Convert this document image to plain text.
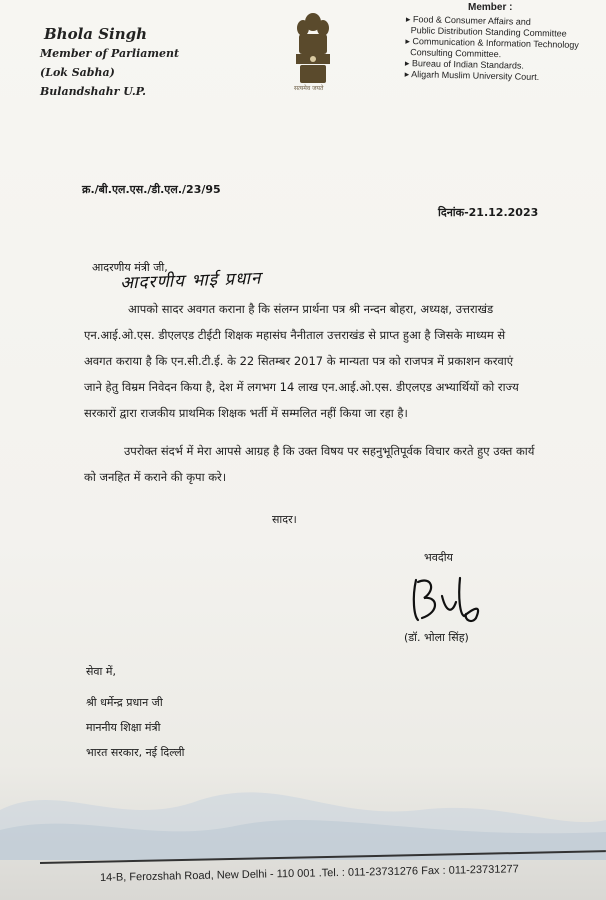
Bhola Singh
Member of Parliament
(Lok Sabha)
Bulandshahr U.P.	सत्यमेव जयते
Member :
▸ Food & Consumer Affairs and
Public Distribution Standing Committee
▸ Communication & Information Technology
Consulting Committee.
▸ Bureau of Indian Standards.
▸ Aligarh Muslim University Court.
क्र./बी.एल.एस./डी.एल./23/95
दिनांक-21.12.2023
आदरणीय मंत्री जी,
आदरणीय भाई प्रधान
आपको सादर अवगत कराना है कि संलग्न प्रार्थना पत्र श्री नन्दन बोहरा, अध्यक्ष, उत्तराखंड
एन.आई.ओ.एस. डीएलएड टीईटी शिक्षक महासंघ नैनीताल उत्तराखंड से प्राप्त हुआ है जिसके माध्यम से
अवगत कराया है कि एन.सी.टी.ई. के 22 सितम्बर 2017 के मान्यता पत्र को राजपत्र में प्रकाशन करवाएं
जाने हेतु विम्रम निवेदन किया है, देश में लगभग 14 लाख एन.आई.ओ.एस. डीएलएड अभ्यार्थियों को राज्य
सरकारों द्वारा राजकीय प्राथमिक शिक्षक भर्ती में सम्मलित नहीं किया जा रहा है।
उपरोक्त संदर्भ में मेरा आपसे आग्रह है कि उक्त विषय पर सहनुभूतिपूर्वक विचार करते हुए उक्त कार्य
को जनहित में कराने की कृपा करे।
सादर।
भवदीय
(डॉ. भोला सिंह)
सेवा में,
श्री धर्मेन्द्र प्रधान जी
माननीय शिक्षा मंत्री
भारत सरकार, नई दिल्ली
14-B, Ferozshah Road, New Delhi - 110 001 .Tel. : 011-23731276 Fax : 011-23731277
